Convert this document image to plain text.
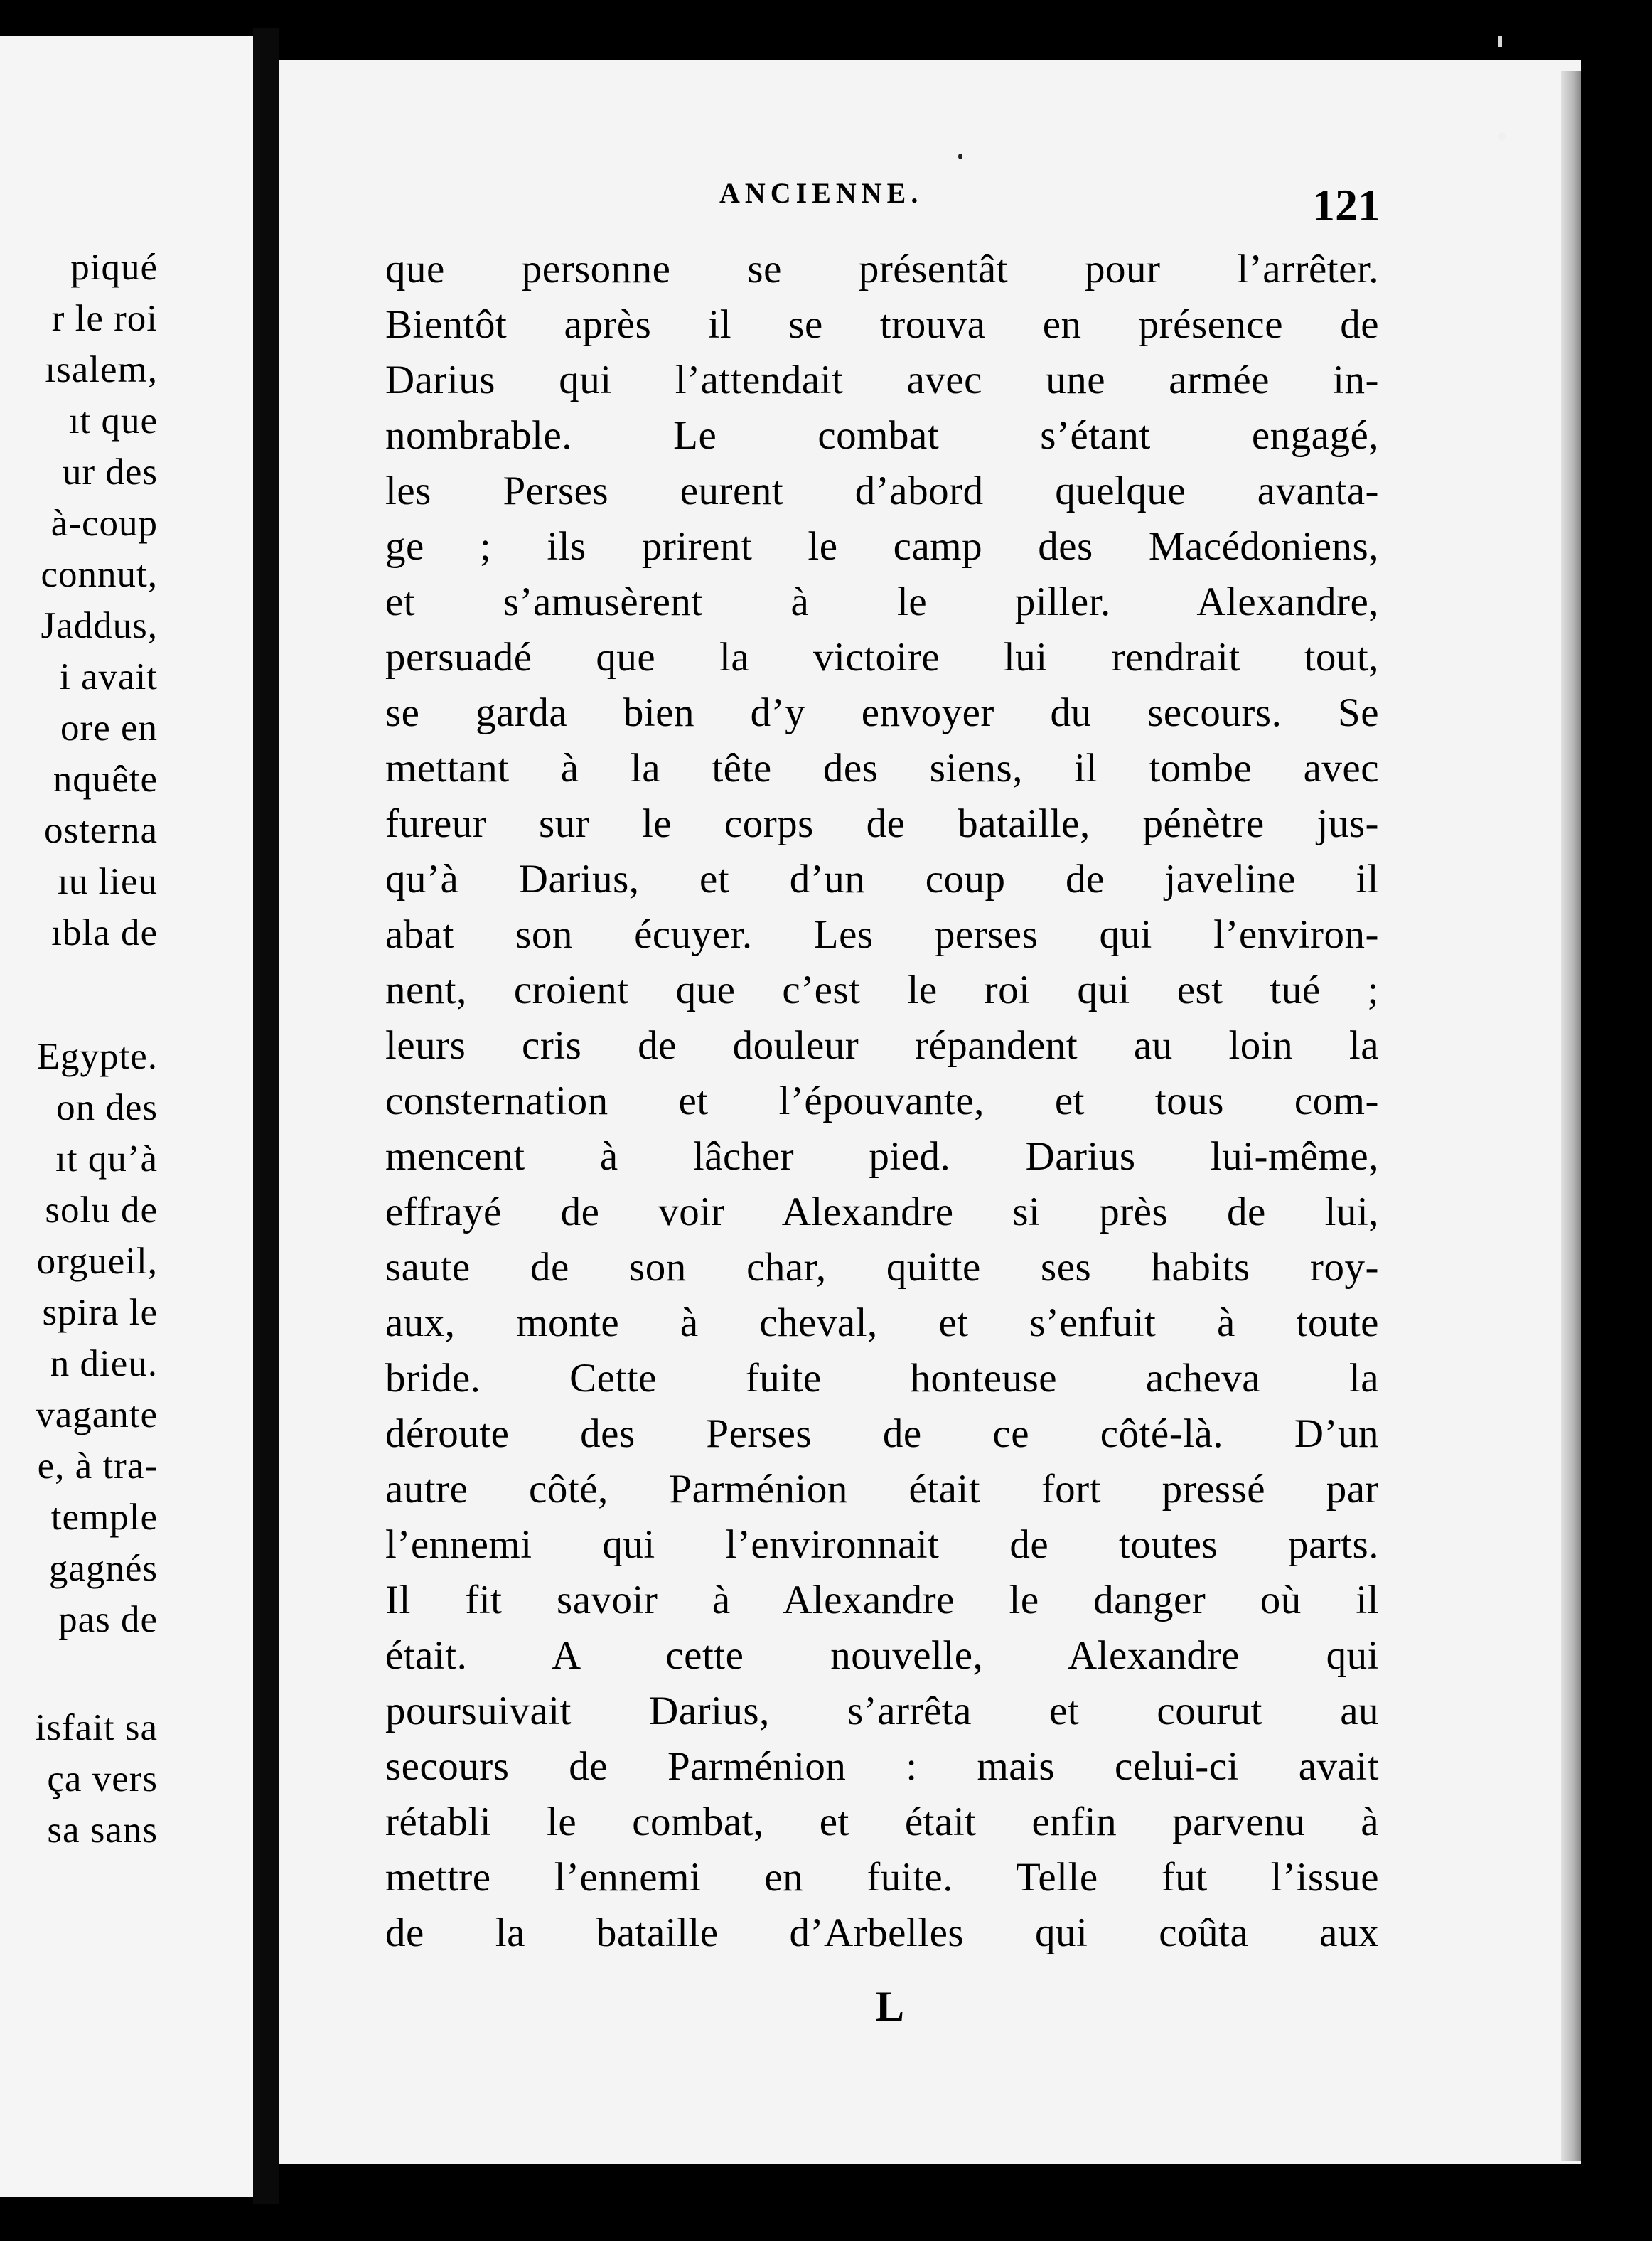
piqué
r le roi
ısalem,
ıt que
ur des
à-coup
connut,
Jaddus,
i avait
ore en
nquête
osterna
ıu lieu
ıbla de
Egypte.
on des
ıt qu’à
solu de
orgueil,
spira le
n dieu.
vagante
e, à tra-
temple
gagnés
pas de
isfait sa
ça vers
sa sans
ANCIENNE.	121
que personne se présentât pour l’arrêter.
Bientôt après il se trouva en présence de
Darius qui l’attendait avec une armée in-
nombrable. Le combat s’étant engagé,
les Perses eurent d’abord quelque avanta-
ge ; ils prirent le camp des Macédoniens,
et s’amusèrent à le piller. Alexandre,
persuadé que la victoire lui rendrait tout,
se garda bien d’y envoyer du secours. Se
mettant à la tête des siens, il tombe avec
fureur sur le corps de bataille, pénètre jus-
qu’à Darius, et d’un coup de javeline il
abat son écuyer. Les perses qui l’environ-
nent, croient que c’est le roi qui est tué ;
leurs cris de douleur répandent au loin la
consternation et l’épouvante, et tous com-
mencent à lâcher pied. Darius lui-même,
effrayé de voir Alexandre si près de lui,
saute de son char, quitte ses habits roy-
aux, monte à cheval, et s’enfuit à toute
bride. Cette fuite honteuse acheva la
déroute des Perses de ce côté-là. D’un
autre côté, Parménion était fort pressé par
l’ennemi qui l’environnait de toutes parts.
Il fit savoir à Alexandre le danger où il
était. A cette nouvelle, Alexandre qui
poursuivait Darius, s’arrêta et courut au
secours de Parménion : mais celui-ci avait
rétabli le combat, et était enfin parvenu à
mettre l’ennemi en fuite. Telle fut l’issue
de la bataille d’Arbelles qui coûta aux
L
